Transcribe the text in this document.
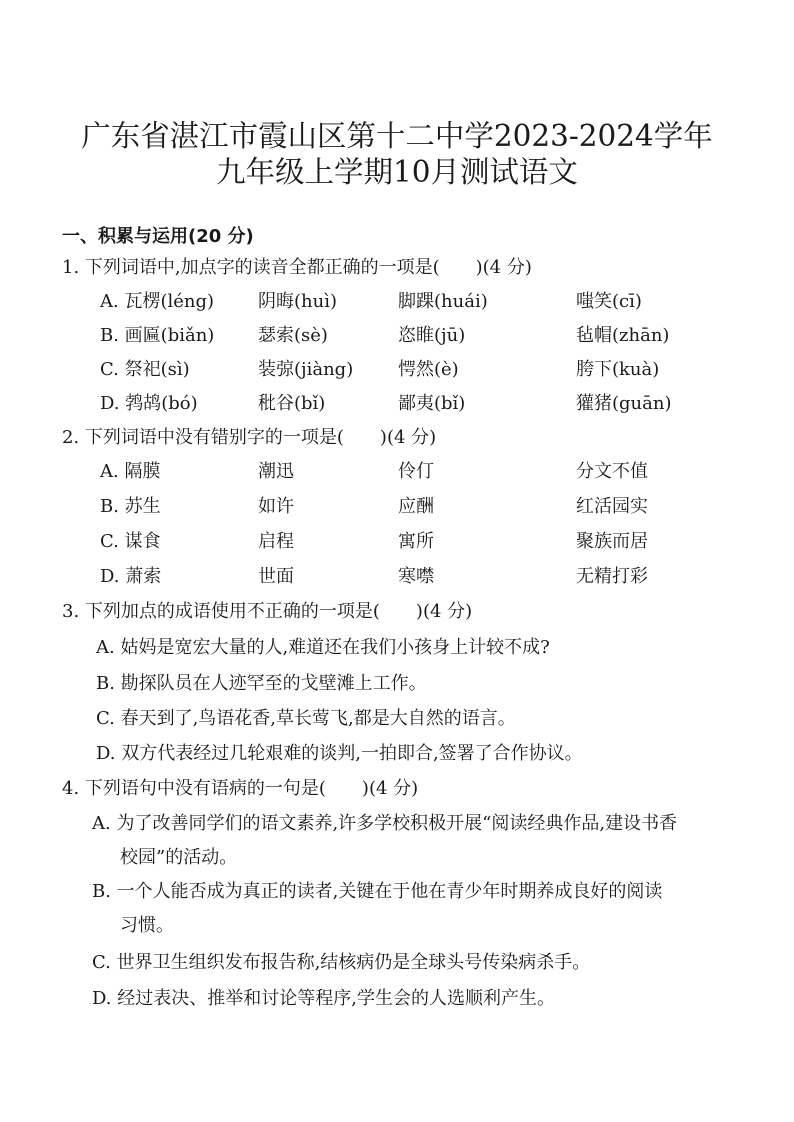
广东省湛江市霞山区第十二中学2023-2024学年
九年级上学期10月测试语文
一、积累与运用(20 分)
1. 下列词语中,加点字的读音全都正确的一项是(　　)(4 分)
A. 瓦楞(léng) 阴晦(huì)	脚踝(huái)	嗤笑(cī)
B. 画匾(biǎn) 瑟索(sè)	恣睢(jū)	毡帽(zhān)
C. 祭祀(sì)	装弶(jiàng) 愕然(è)	胯下(kuà)
D. 鹁鸪(bó)	秕谷(bǐ)	鄙夷(bǐ)	獾猪(guān)
2. 下列词语中没有错别字的一项是(　　)(4 分)
A. 隔膜	潮迅	伶仃	分文不值
B. 苏生	如许	应酬	红活园实
C. 谋食	启程	寓所	聚族而居
D. 萧索	世面	寒噤	无精打彩
3. 下列加点的成语使用不正确的一项是(　　)(4 分)
A. 姑妈是宽宏大量的人,难道还在我们小孩身上计较不成?
B. 勘探队员在人迹罕至的戈壁滩上工作。
C. 春天到了,鸟语花香,草长莺飞,都是大自然的语言。
D. 双方代表经过几轮艰难的谈判,一拍即合,签署了合作协议。
4. 下列语句中没有语病的一句是(　　)(4 分)
A. 为了改善同学们的语文素养,许多学校积极开展“阅读经典作品,建设书香
校园”的活动。
B. 一个人能否成为真正的读者,关键在于他在青少年时期养成良好的阅读
习惯。
C. 世界卫生组织发布报告称,结核病仍是全球头号传染病杀手。
D. 经过表决、推举和讨论等程序,学生会的人选顺利产生。
